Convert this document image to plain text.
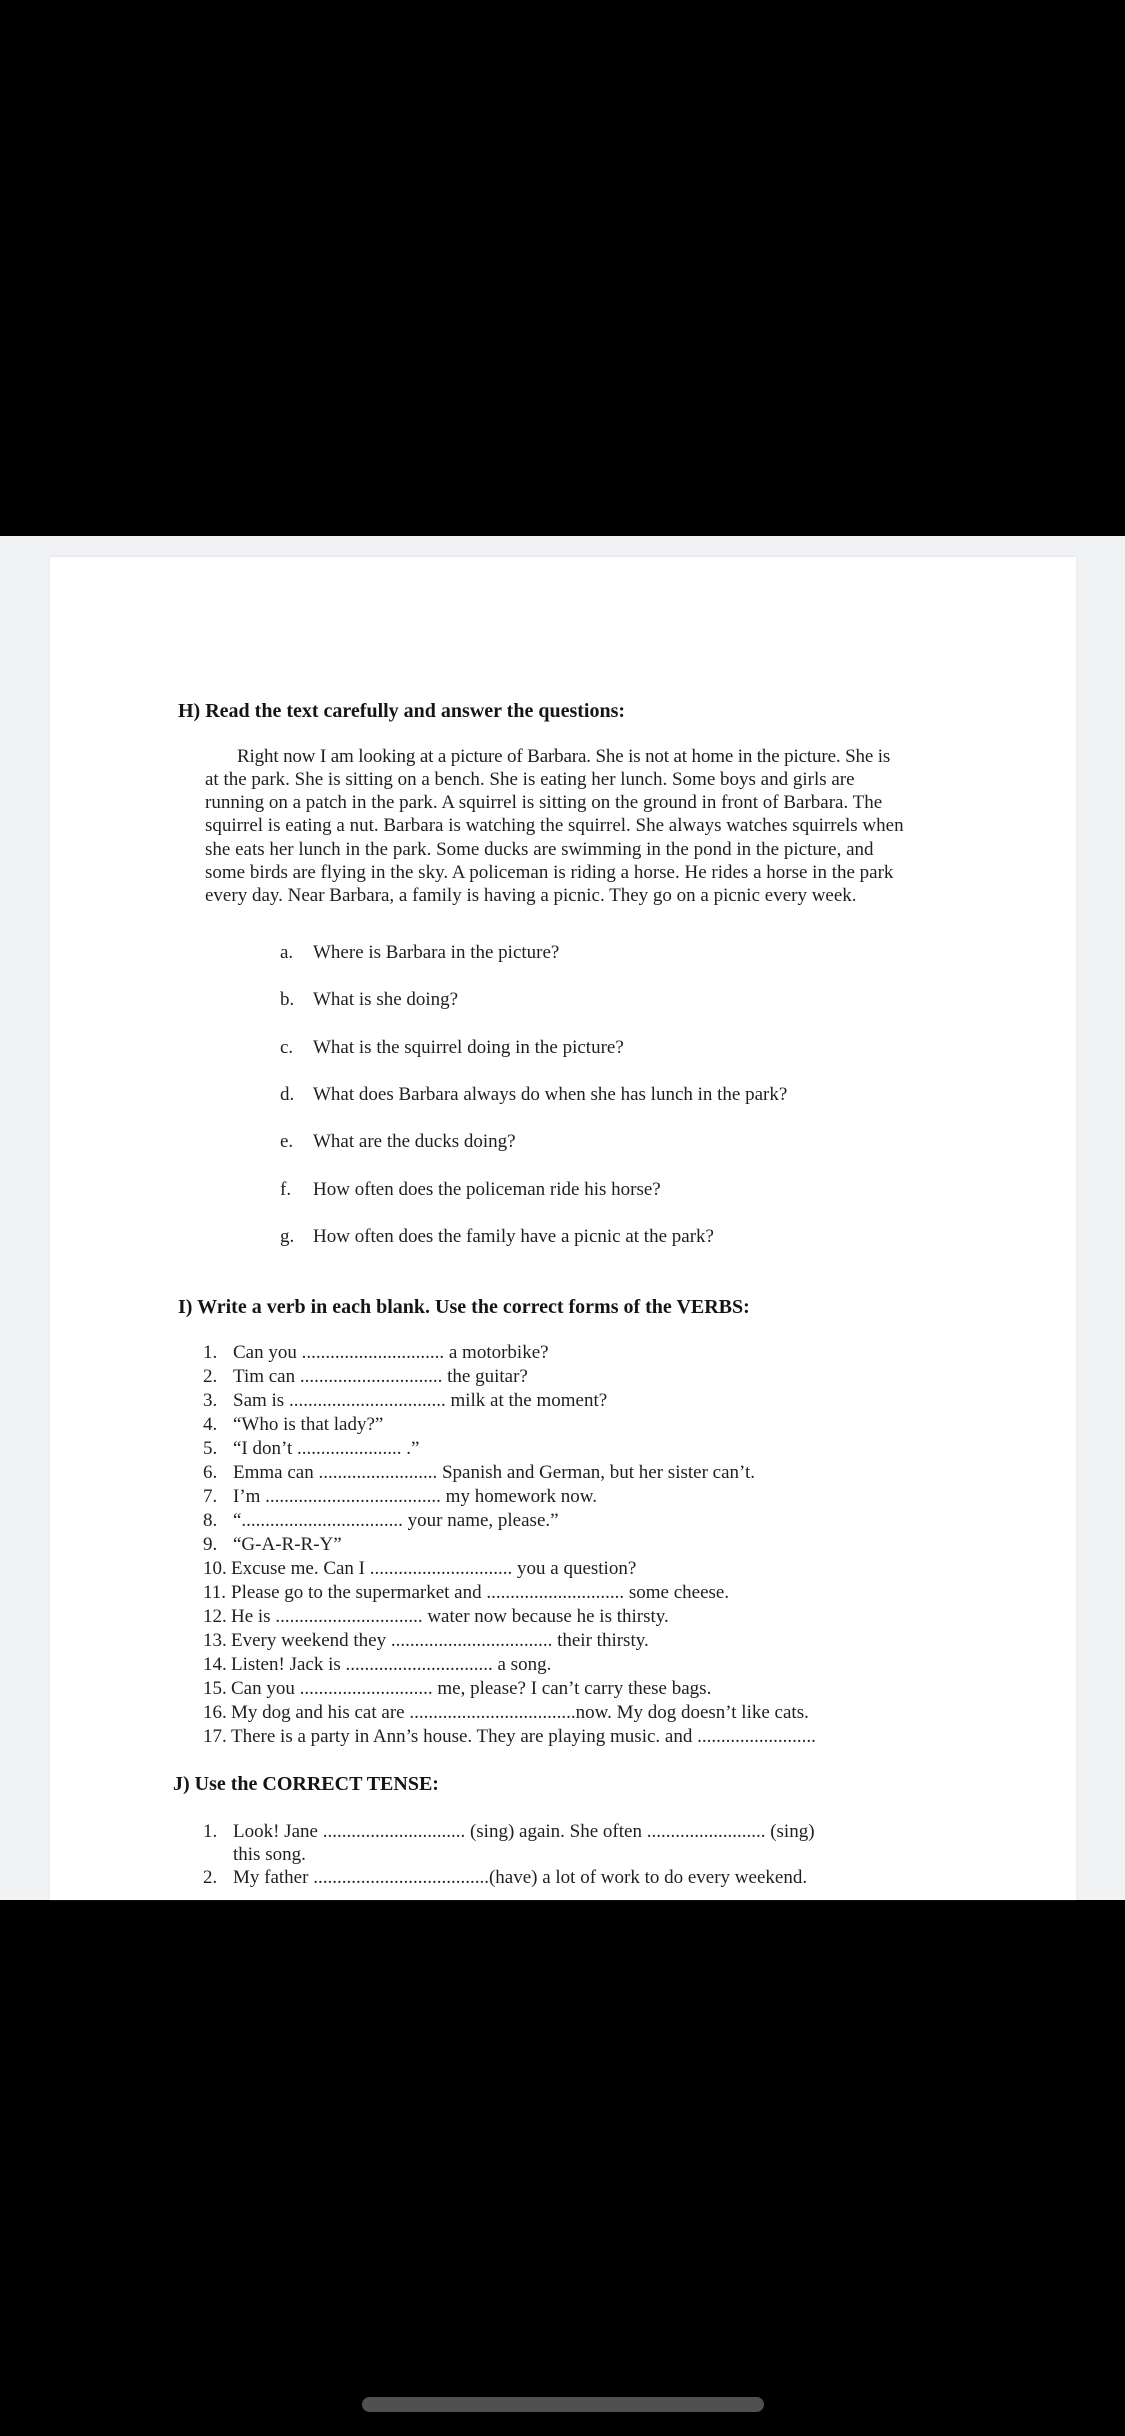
H) Read the text carefully and answer the questions:
Right now I am looking at a picture of Barbara. She is not at home in the picture. She is
at the park. She is sitting on a bench. She is eating her lunch. Some boys and girls are
running on a patch in the park. A squirrel is sitting on the ground in front of Barbara. The
squirrel is eating a nut. Barbara is watching the squirrel. She always watches squirrels when
she eats her lunch in the park. Some ducks are swimming in the pond in the picture, and
some birds are flying in the sky. A policeman is riding a horse. He rides a horse in the park
every day. Near Barbara, a family is having a picnic. They go on a picnic every week.
a. Where is Barbara in the picture?
b. What is she doing?
c. What is the squirrel doing in the picture?
d. What does Barbara always do when she has lunch in the park?
e. What are the ducks doing?
f. How often does the policeman ride his horse?
g. How often does the family have a picnic at the park?
I) Write a verb in each blank. Use the correct forms of the VERBS:
1. Can you .............................. a motorbike?
2. Tim can .............................. the guitar?
3. Sam is ................................. milk at the moment?
4. “Who is that lady?”
5. “I don’t ...................... .”
6. Emma can ......................... Spanish and German, but her sister can’t.
7. I’m ..................................... my homework now.
8. “.................................. your name, please.”
9. “G-A-R-R-Y”
10. Excuse me. Can I .............................. you a question?
11. Please go to the supermarket and ............................. some cheese.
12. He is ............................... water now because he is thirsty.
13. Every weekend they .................................. their thirsty.
14. Listen! Jack is ............................... a song.
15. Can you ............................ me, please? I can’t carry these bags.
16. My dog and his cat are ...................................now. My dog doesn’t like cats.
17. There is a party in Ann’s house. They are playing music. and .........................
J) Use the CORRECT TENSE:
1. Look! Jane .............................. (sing) again. She often ......................... (sing)
this song.
2. My father .....................................(have) a lot of work to do every weekend.
